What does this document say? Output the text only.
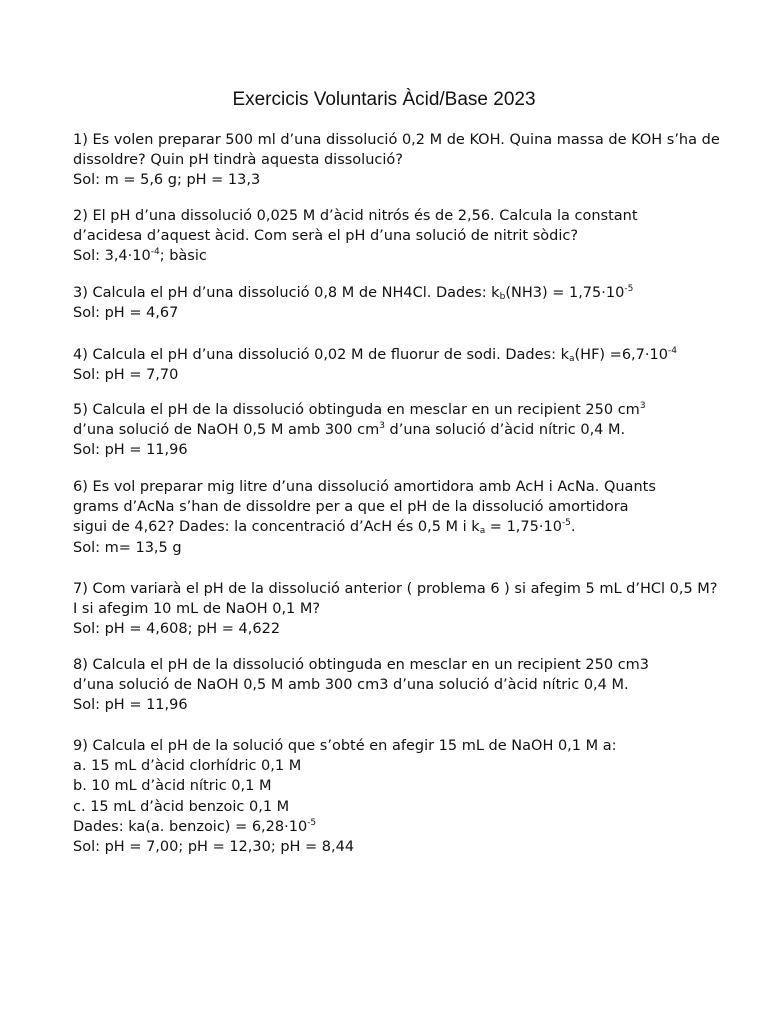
Exercicis Voluntaris Àcid/Base 2023
1) Es volen preparar 500 ml d’una dissolució 0,2 M de KOH. Quina massa de KOH s’ha de
dissoldre? Quin pH tindrà aquesta dissolució?
Sol: m = 5,6 g; pH = 13,3
2) El pH d’una dissolució 0,025 M d’àcid nitrós és de 2,56. Calcula la constant
d’acidesa d’aquest àcid. Com serà el pH d’una solució de nitrit sòdic?
Sol: $3,4\cdot 10^{-4}$; bàsic
3) Calcula el pH d’una dissolució 0,8 M de NH4Cl. Dades: $k_b(NH3) = 1,75\cdot 10^{-5}$
Sol: pH = 4,67
4) Calcula el pH d’una dissolució 0,02 M de fluorur de sodi. Dades: $k_a(HF) =6,7\cdot 10^{-4}$
Sol: pH = 7,70
5) Calcula el pH de la dissolució obtinguda en mesclar en un recipient 250 $cm^3$
d’una solució de NaOH 0,5 M amb 300 $cm^3$ d’una solució d’àcid nítric 0,4 M.
Sol: pH = 11,96
6) Es vol preparar mig litre d’una dissolució amortidora amb AcH i AcNa. Quants
grams d’AcNa s’han de dissoldre per a que el pH de la dissolució amortidora
sigui de 4,62? Dades: la concentració d’AcH és 0,5 M i $k_a = 1,75\cdot 10^{-5}$.
Sol: m= 13,5 g
7) Com variarà el pH de la dissolució anterior ( problema 6 ) si afegim 5 mL d’HCl 0,5 M?
I si afegim 10 mL de NaOH 0,1 M?
Sol: pH = 4,608; pH = 4,622
8) Calcula el pH de la dissolució obtinguda en mesclar en un recipient 250 cm3
d’una solució de NaOH 0,5 M amb 300 cm3 d’una solució d’àcid nítric 0,4 M.
Sol: pH = 11,96
9) Calcula el pH de la solució que s’obté en afegir 15 mL de NaOH 0,1 M a:
a. 15 mL d’àcid clorhídric 0,1 M
b. 10 mL d’àcid nítric 0,1 M
c. 15 mL d’àcid benzoic 0,1 M
Dades: ka(a. benzoic) = $6,28\cdot 10^{-5}$
Sol: pH = 7,00; pH = 12,30; pH = 8,44
